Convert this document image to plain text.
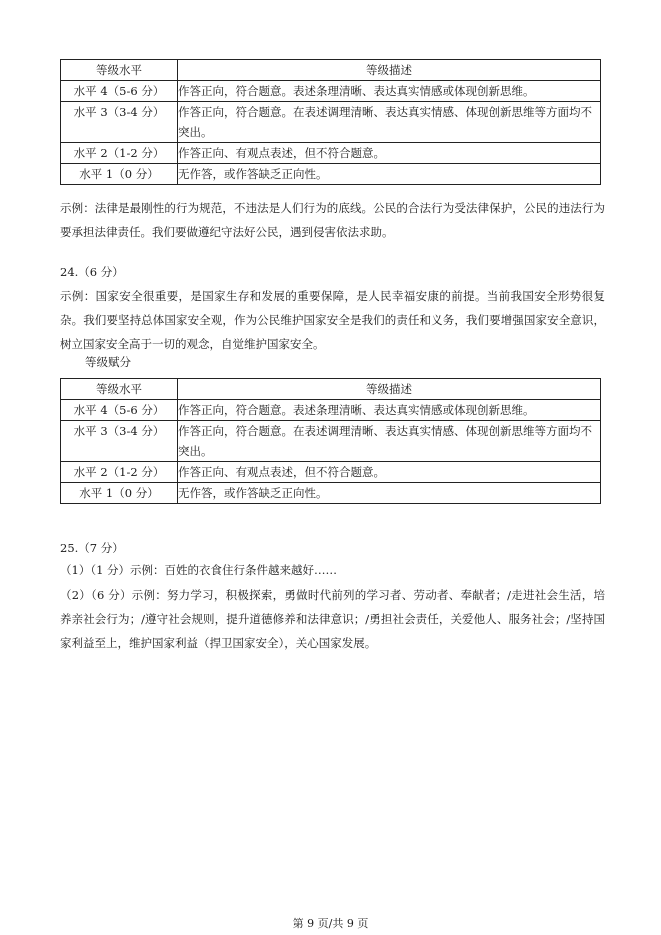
等级水平	等级描述
水平 4（5-6 分）	作答正向，符合题意。表述条理清晰、表达真实情感或体现创新思维。
水平 3（3-4 分）	作答正向，符合题意。在表述调理清晰、表达真实情感、体现创新思维等方面均不突出。
水平 2（1-2 分）	作答正向、有观点表述，但不符合题意。
水平 1（0 分）	无作答，或作答缺乏正向性。
示例：法律是最刚性的行为规范，不违法是人们行为的底线。公民的合法行为受法律保护，公民的违法行为要承担法律责任。我们要做遵纪守法好公民，遇到侵害依法求助。
24.（6 分）
示例：国家安全很重要，是国家生存和发展的重要保障，是人民幸福安康的前提。当前我国安全形势很复杂。我们要坚持总体国家安全观，作为公民维护国家安全是我们的责任和义务，我们要增强国家安全意识，树立国家安全高于一切的观念，自觉维护国家安全。
等级赋分
等级水平	等级描述
水平 4（5-6 分）	作答正向，符合题意。表述条理清晰、表达真实情感或体现创新思维。
水平 3（3-4 分）	作答正向，符合题意。在表述调理清晰、表达真实情感、体现创新思维等方面均不突出。
水平 2（1-2 分）	作答正向、有观点表述，但不符合题意。
水平 1（0 分）	无作答，或作答缺乏正向性。
25.（7 分）
（1）（1 分）示例：百姓的衣食住行条件越来越好……
（2）（6 分）示例：努力学习，积极探索，勇做时代前列的学习者、劳动者、奉献者；/走进社会生活，培养亲社会行为；/遵守社会规则，提升道德修养和法律意识；/勇担社会责任，关爱他人、服务社会；/坚持国家利益至上，维护国家利益（捍卫国家安全），关心国家发展。
第 9 页/共 9 页
